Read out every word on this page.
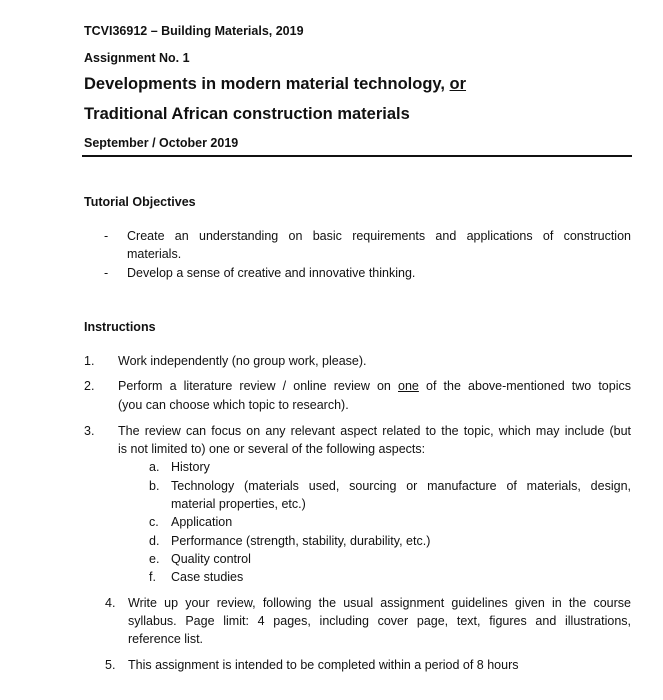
TCVI36912 – Building Materials, 2019
Assignment No. 1
Developments in modern material technology, or
Traditional African construction materials
September / October 2019
Tutorial Objectives
- Create an understanding on basic requirements and applications of construction
materials.
- Develop a sense of creative and innovative thinking.
Instructions
1. Work independently (no group work, please).
2. Perform a literature review / online review on one of the above-mentioned two topics
(you can choose which topic to research).
3. The review can focus on any relevant aspect related to the topic, which may include (but
is not limited to) one or several of the following aspects:
a. History
b. Technology (materials used, sourcing or manufacture of materials, design,
material properties, etc.)
c. Application
d. Performance (strength, stability, durability, etc.)
e. Quality control
f. Case studies
4. Write up your review, following the usual assignment guidelines given in the course
syllabus. Page limit: 4 pages, including cover page, text, figures and illustrations,
reference list.
5. This assignment is intended to be completed within a period of 8 hours
